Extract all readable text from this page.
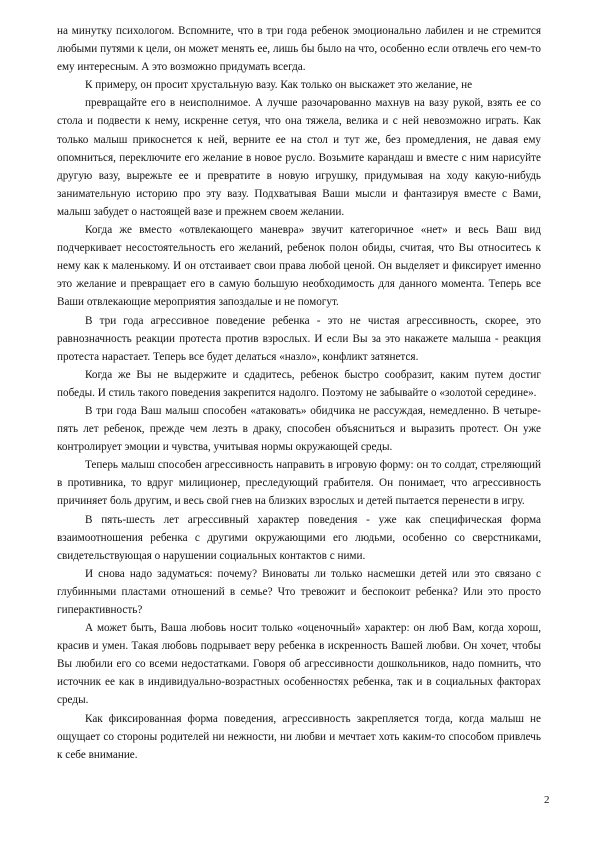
на минутку психологом. Вспомните, что в три года ребенок эмоционально лабилен и не стремится любыми путями к цели, он может менять ее, лишь бы было на что, особенно если отвлечь его чем-то ему интересным. А это возможно придумать всегда.

К примеру, он просит хрустальную вазу. Как только он выскажет это желание, не

превращайте его в неисполнимое. А лучше разочарованно махнув на вазу рукой, взять ее со стола и подвести к нему, искренне сетуя, что она тяжела, велика и с ней невозможно играть. Как только малыш прикоснется к ней, верните ее на стол и тут же, без промедления, не давая ему опомниться, переключите его желание в новое русло. Возьмите карандаш и вместе с ним нарисуйте другую вазу, вырежьте ее и превратите в новую игрушку, придумывая на ходу какую-нибудь занимательную историю про эту вазу. Подхватывая Ваши мысли и фантазируя вместе с Вами, малыш забудет о настоящей вазе и прежнем своем желании.

Когда же вместо «отвлекающего маневра» звучит категоричное «нет» и весь Ваш вид подчеркивает несостоятельность его желаний, ребенок полон обиды, считая, что Вы относитесь к нему как к маленькому. И он отстаивает свои права любой ценой. Он выделяет и фиксирует именно это желание и превращает его в самую большую необходимость для данного момента. Теперь все Ваши отвлекающие мероприятия запоздалые и не помогут.

В три года агрессивное поведение ребенка - это не чистая агрессивность, скорее, это равнозначность реакции протеста против взрослых. И если Вы за это накажете малыша - реакция протеста нарастает. Теперь все будет делаться «назло», конфликт затянется.

Когда же Вы не выдержите и сдадитесь, ребенок быстро сообразит, каким путем достиг победы. И стиль такого поведения закрепится надолго. Поэтому не забывайте о «золотой середине».

В три года Ваш малыш способен «атаковать» обидчика не рассуждая, немедленно. В четыре-пять лет ребенок, прежде чем лезть в драку, способен объясниться и выразить протест. Он уже контролирует эмоции и чувства, учитывая нормы окружающей среды.

Теперь малыш способен агрессивность направить в игровую форму: он то солдат, стреляющий в противника, то вдруг милиционер, преследующий грабителя. Он понимает, что агрессивность причиняет боль другим, и весь свой гнев на близких взрослых и детей пытается перенести в игру.

В пять-шесть лет агрессивный характер поведения - уже как специфическая форма взаимоотношения ребенка с другими окружающими его людьми, особенно со сверстниками, свидетельствующая о нарушении социальных контактов с ними.

И снова надо задуматься: почему? Виноваты ли только насмешки детей или это связано с глубинными пластами отношений в семье? Что тревожит и беспокоит ребенка? Или это просто гиперактивность?

А может быть, Ваша любовь носит только «оценочный» характер: он люб Вам, когда хорош, красив и умен. Такая любовь подрывает веру ребенка в искренность Вашей любви. Он хочет, чтобы Вы любили его со всеми недостатками. Говоря об агрессивности дошкольников, надо помнить, что источник ее как в индивидуально-возрастных особенностях ребенка, так и в социальных факторах среды.

Как фиксированная форма поведения, агрессивность закрепляется тогда, когда малыш не ощущает со стороны родителей ни нежности, ни любви и мечтает хоть каким-то способом привлечь к себе внимание.

2
